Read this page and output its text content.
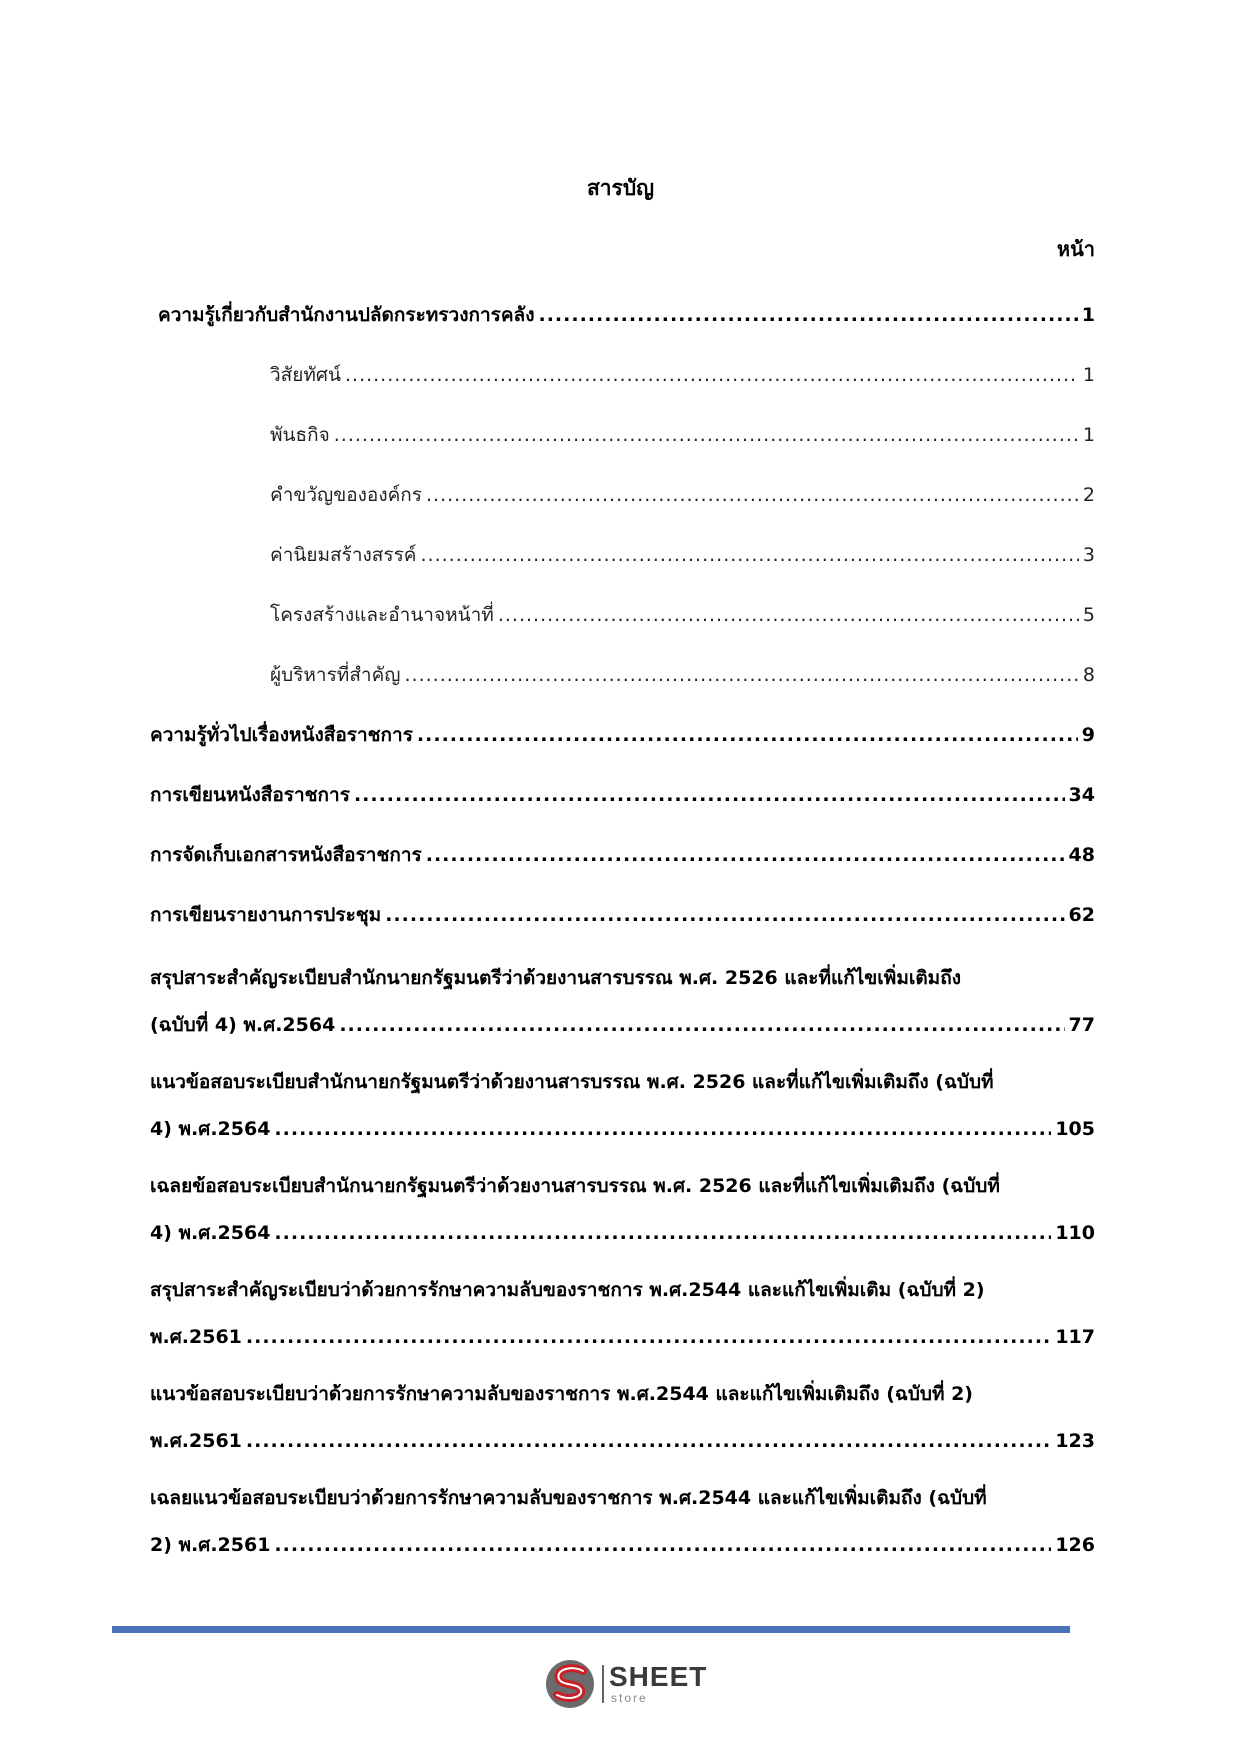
สารบัญ
หน้า
ความรู้เกี่ยวกับสำนักงานปลัดกระทรวงการคลัง .....	1
วิสัยทัศน์ .....	1
พันธกิจ .....	1
คำขวัญขององค์กร .....	2
ค่านิยมสร้างสรรค์ .....	3
โครงสร้างและอำนาจหน้าที่ .....	5
ผู้บริหารที่สำคัญ .....	8
ความรู้ทั่วไปเรื่องหนังสือราชการ .....	9
การเขียนหนังสือราชการ .....	34
การจัดเก็บเอกสารหนังสือราชการ .....	48
การเขียนรายงานการประชุม .....	62
สรุปสาระสำคัญระเบียบสำนักนายกรัฐมนตรีว่าด้วยงานสารบรรณ พ.ศ. 2526 และที่แก้ไขเพิ่มเติมถึง
(ฉบับที่ 4) พ.ศ.2564 .....	77
แนวข้อสอบระเบียบสำนักนายกรัฐมนตรีว่าด้วยงานสารบรรณ พ.ศ. 2526 และที่แก้ไขเพิ่มเติมถึง (ฉบับที่
4) พ.ศ.2564 .....	105
เฉลยข้อสอบระเบียบสำนักนายกรัฐมนตรีว่าด้วยงานสารบรรณ พ.ศ. 2526 และที่แก้ไขเพิ่มเติมถึง (ฉบับที่
4) พ.ศ.2564 .....	110
สรุปสาระสำคัญระเบียบว่าด้วยการรักษาความลับของราชการ พ.ศ.2544 และแก้ไขเพิ่มเติม (ฉบับที่ 2)
พ.ศ.2561 .....	117
แนวข้อสอบระเบียบว่าด้วยการรักษาความลับของราชการ พ.ศ.2544 และแก้ไขเพิ่มเติมถึง (ฉบับที่ 2)
พ.ศ.2561 .....	123
เฉลยแนวข้อสอบระเบียบว่าด้วยการรักษาความลับของราชการ พ.ศ.2544 และแก้ไขเพิ่มเติมถึง (ฉบับที่
2) พ.ศ.2561 .....	126
SHEET
store
